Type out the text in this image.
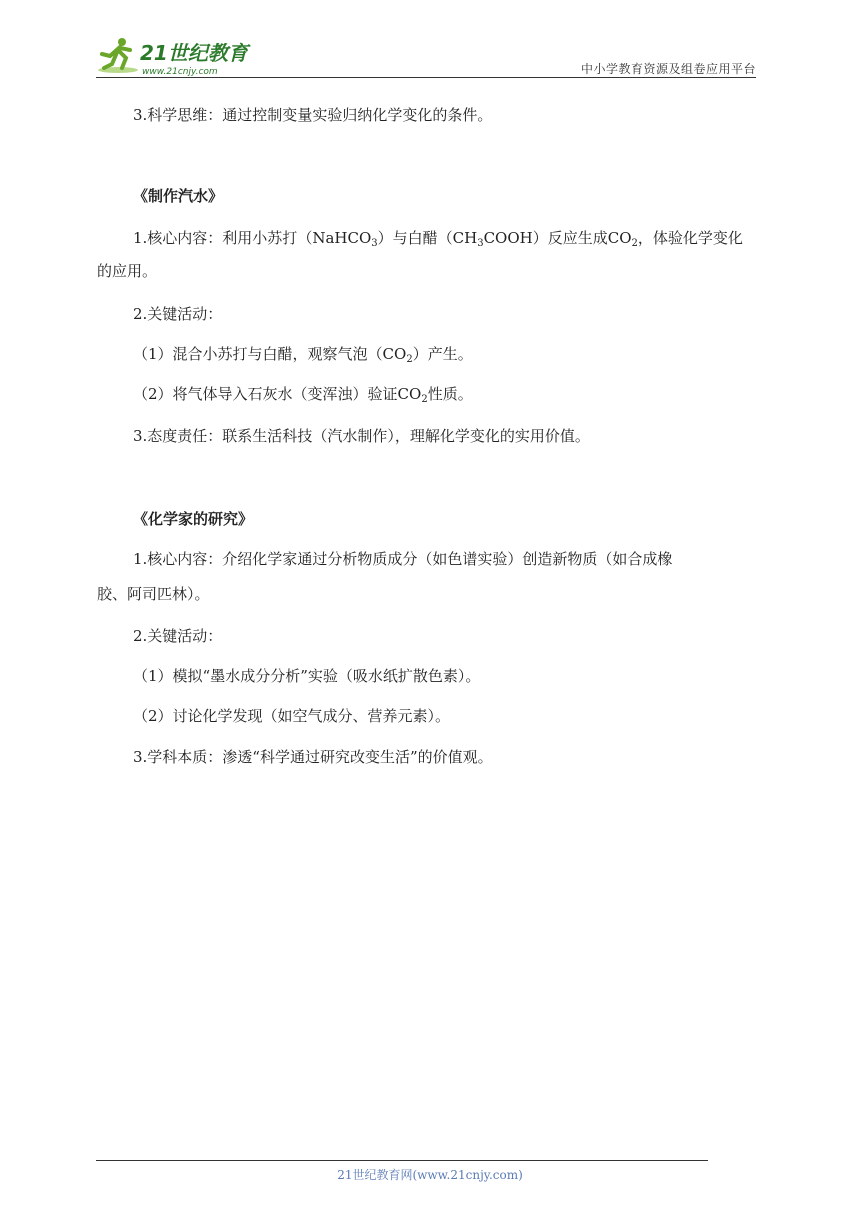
21世纪教育
www.21cnjy.com	中小学教育资源及组卷应用平台
3.科学思维：通过控制变量实验归纳化学变化的条件。
《制作汽水》
1.核心内容：利用小苏打（NaHCO$_3$）与白醋$(CH_3COOH)$反应生成$CO_2$，体验化学变化
的应用。
2.关键活动：
（1）混合小苏打与白醋，观察气泡$(CO_2)$产生。
（2）将气体导入石灰水（变浑浊）验证$CO_2$性质。
3.态度责任：联系生活科技（汽水制作），理解化学变化的实用价值。
《化学家的研究》
1.核心内容：介绍化学家通过分析物质成分（如色谱实验）创造新物质（如合成橡
胶、阿司匹林）。
2.关键活动：
（1）模拟“墨水成分分析”实验（吸水纸扩散色素）。
（2）讨论化学发现（如空气成分、营养元素）。
3.学科本质：渗透“科学通过研究改变生活”的价值观。
21世纪教育网(www.21cnjy.com)
